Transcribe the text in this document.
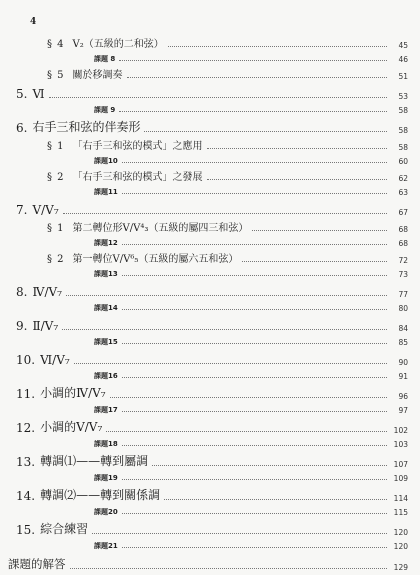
4
§ 4 V₂（五級的二和弦）	45
課題 8	46
§ 5 關於移調奏	51
5. Ⅵ	53
課題 9	58
6. 右手三和弦的伴奏形	58
§ 1 「右手三和弦的模式」之應用	58
課題10	60
§ 2 「右手三和弦的模式」之發展	62
課題11	63
7. Ⅴ/Ⅴ₇	67
§ 1 第二轉位形Ⅴ/Ⅴ⁴₃（五級的屬四三和弦）	68
課題12	68
§ 2 第一轉位Ⅴ/Ⅴ⁶₅（五級的屬六五和弦）	72
課題13	73
8. Ⅳ/Ⅴ₇	77
課題14	80
9. Ⅱ/Ⅴ₇	84
課題15	85
10. Ⅵ/Ⅴ₇	90
課題16	91
11. 小調的Ⅳ/Ⅴ₇	96
課題17	97
12. 小調的Ⅴ/Ⅴ₇	102
課題18	103
13. 轉調⑴——轉到屬調	107
課題19	109
14. 轉調⑵——轉到關係調	114
課題20	115
15. 綜合練習	120
課題21	120
課題的解答	129
